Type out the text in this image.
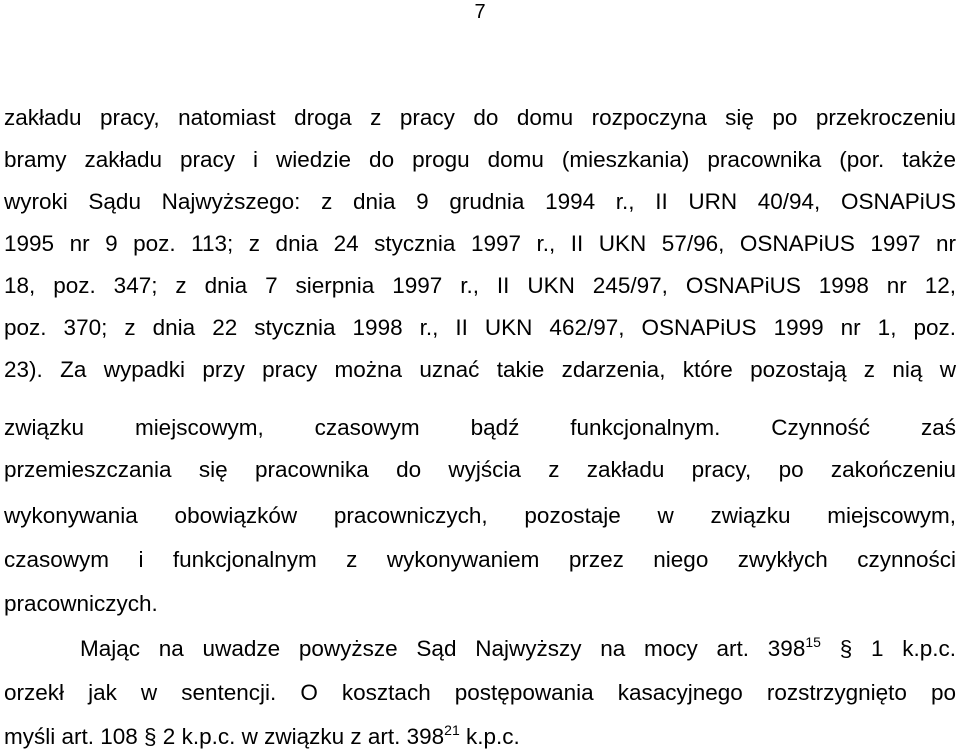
7
zakładu pracy, natomiast droga z pracy do domu rozpoczyna się po przekroczeniu
bramy zakładu pracy i wiedzie do progu domu (mieszkania) pracownika (por. także
wyroki Sądu Najwyższego: z dnia 9 grudnia 1994 r., II URN 40/94, OSNAPiUS
1995 nr 9 poz. 113; z dnia 24 stycznia 1997 r., II UKN 57/96, OSNAPiUS 1997 nr
18, poz. 347; z dnia 7 sierpnia 1997 r., II UKN 245/97, OSNAPiUS 1998 nr 12,
poz. 370; z dnia 22 stycznia 1998 r., II UKN 462/97, OSNAPiUS 1999 nr 1, poz.
23). Za wypadki przy pracy można uznać takie zdarzenia, które pozostają z nią w
związku miejscowym, czasowym bądź funkcjonalnym. Czynność zaś
przemieszczania się pracownika do wyjścia z zakładu pracy, po zakończeniu
wykonywania obowiązków pracowniczych, pozostaje w związku miejscowym,
czasowym i funkcjonalnym z wykonywaniem przez niego zwykłych czynności
pracowniczych.
Mając na uwadze powyższe Sąd Najwyższy na mocy art. $398^{15}$ § 1 k.p.c.
orzekł jak w sentencji. O kosztach postępowania kasacyjnego rozstrzygnięto po
myśli art. 108 § 2 k.p.c. w związku z art. $398^{21}$ k.p.c.
